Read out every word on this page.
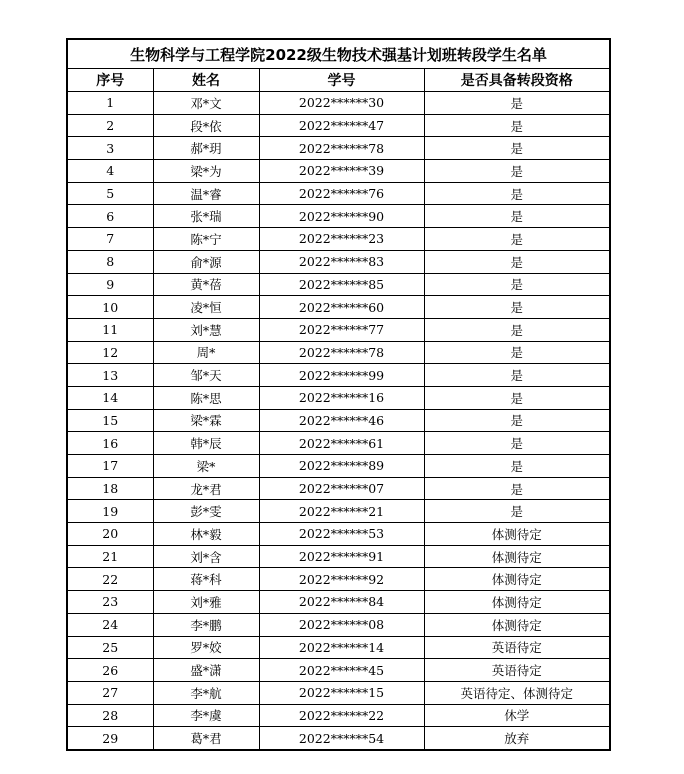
生物科学与工程学院2022级生物技术强基计划班转段学生名单			
序号	姓名	学号	是否具备转段资格
1	邓*文	2022******30	是
2	段*依	2022******47	是
3	郝*玥	2022******78	是
4	梁*为	2022******39	是
5	温*睿	2022******76	是
6	张*瑞	2022******90	是
7	陈*宁	2022******23	是
8	俞*源	2022******83	是
9	黄*蓓	2022******85	是
10	凌*恒	2022******60	是
11	刘*慧	2022******77	是
12	周*	2022******78	是
13	邹*天	2022******99	是
14	陈*思	2022******16	是
15	梁*霖	2022******46	是
16	韩*辰	2022******61	是
17	梁*	2022******89	是
18	龙*君	2022******07	是
19	彭*雯	2022******21	是
20	林*毅	2022******53	体测待定
21	刘*含	2022******91	体测待定
22	蒋*科	2022******92	体测待定
23	刘*雅	2022******84	体测待定
24	李*鹏	2022******08	体测待定
25	罗*姣	2022******14	英语待定
26	盛*潇	2022******45	英语待定
27	李*航	2022******15	英语待定、体测待定
28	李*虞	2022******22	休学
29	葛*君	2022******54	放弃
